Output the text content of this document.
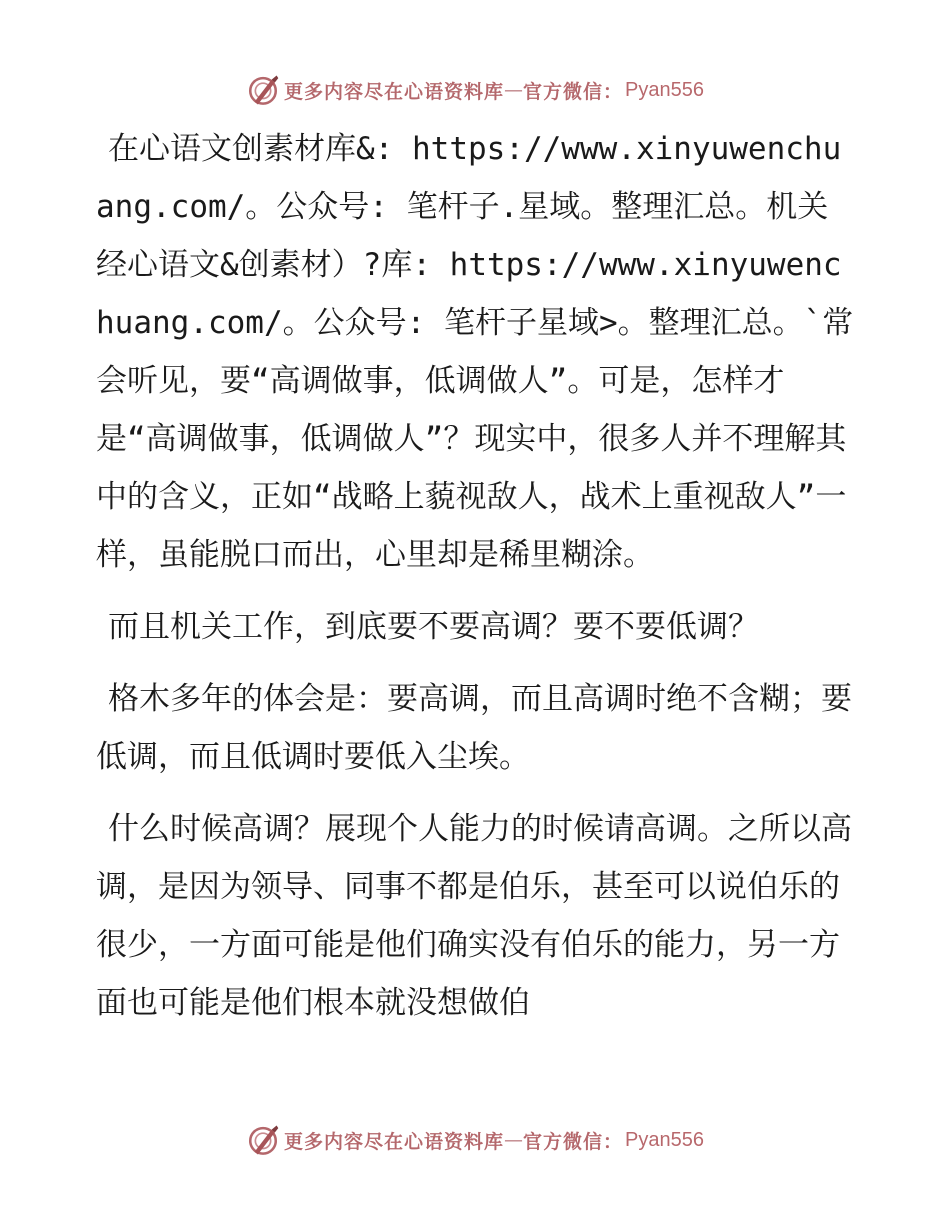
更多内容尽在心语资料库 — 官方微信： Pyan556

在心语文创素材库&: https://www.xinyuwenchuang.com/。公众号: 笔杆子.星域。整理汇总。机关经心语文&创素材）?库: https://www.xinyuwenchuang.com/。公众号: 笔杆子星域>。整理汇总。`常会听见，要“高调做事，低调做人”。可是，怎样才是“高调做事，低调做人”？现实中，很多人并不理解其中的含义，正如“战略上藐视敌人，战术上重视敌人”一样，虽能脱口而出，心里却是稀里糊涂。

而且机关工作，到底要不要高调？要不要低调？

格木多年的体会是：要高调，而且高调时绝不含糊；要低调，而且低调时要低入尘埃。

什么时候高调？展现个人能力的时候请高调。之所以高调，是因为领导、同事不都是伯乐，甚至可以说伯乐的很少，一方面可能是他们确实没有伯乐的能力，另一方面也可能是他们根本就没想做伯

更多内容尽在心语资料库 — 官方微信： Pyan556
